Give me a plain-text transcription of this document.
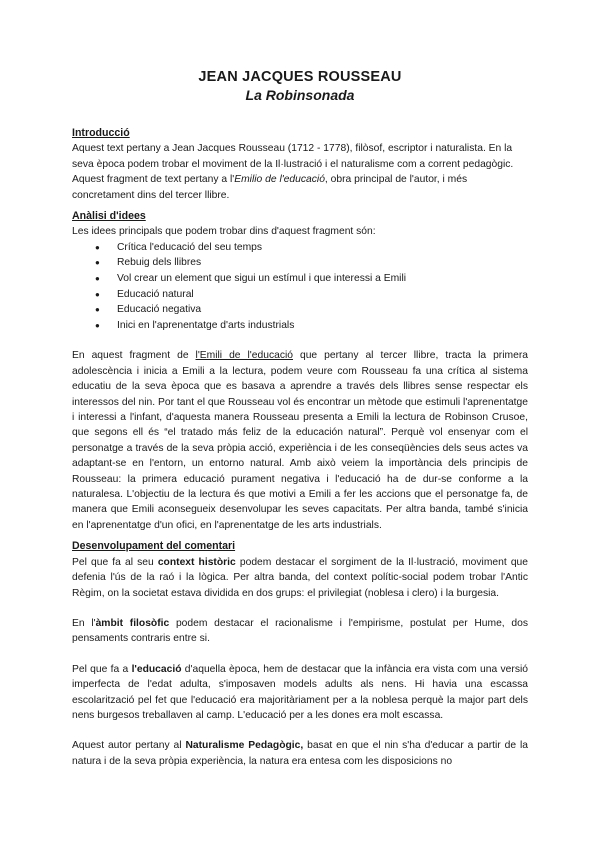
JEAN JACQUES ROUSSEAU
La Robinsonada
Introducció

Aquest text pertany a Jean Jacques Rousseau (1712 - 1778), filòsof, escriptor i naturalista. En la seva època podem trobar el moviment de la Il·lustració i el naturalisme com a corrent pedagògic. Aquest fragment de text pertany a l'Emilio de l'educació, obra principal de l'autor, i més concretament dins del tercer llibre.

Anàlisi d'idees

Les idees principals que podem trobar dins d'aquest fragment són:

● Crítica l'educació del seu temps
● Rebuig dels llibres
● Vol crear un element que sigui un estímul i que interessi a Emili
● Educació natural
● Educació negativa
● Inici en l'aprenentatge d'arts industrials

En aquest fragment de l'Emili de l'educació que pertany al tercer llibre, tracta la primera adolescència i inicia a Emili a la lectura, podem veure com Rousseau fa una crítica al sistema educatiu de la seva època que es basava a aprendre a través dels llibres sense respectar els interessos del nin. Por tant el que Rousseau vol és encontrar un mètode que estimuli l'aprenentatge i interessi a l'infant, d'aquesta manera Rousseau presenta a Emili la lectura de Robinson Crusoe, que segons ell és “el tratado más feliz de la educación natural”. Perquè vol ensenyar com el personatge a través de la seva pròpia acció, experiència i de les conseqüències dels seus actes va adaptant-se en l'entorn, un entorno natural. Amb això veiem la importància dels principis de Rousseau: la primera educació purament negativa i l'educació ha de dur-se conforme a la naturalesa. L'objectiu de la lectura és que motivi a Emili a fer les accions que el personatge fa, de manera que Emili aconsegueix desenvolupar les seves capacitats. Per altra banda, també s'inicia en l'aprenentatge d'un ofici, en l'aprenentatge de les arts industrials.

Desenvolupament del comentari

Pel que fa al seu context històric podem destacar el sorgiment de la Il·lustració, moviment que defenia l'ús de la raó i la lògica. Per altra banda, del context polític-social podem trobar l'Antic Règim, on la societat estava dividida en dos grups: el privilegiat (noblesa i clero) i la burgesia.

En l'àmbit filosòfic podem destacar el racionalisme i l'empirisme, postulat per Hume, dos pensaments contraris entre si.

Pel que fa a l'educació d'aquella època, hem de destacar que la infància era vista com una versió imperfecta de l'edat adulta, s'imposaven models adults als nens. Hi havia una escassa escolarització pel fet que l'educació era majoritàriament per a la noblesa perquè la major part dels nens burgesos treballaven al camp. L'educació per a les dones era molt escassa.

Aquest autor pertany al Naturalisme Pedagògic, basat en que el nin s'ha d'educar a partir de la natura i de la seva pròpia experiència, la natura era entesa com les disposicions no
